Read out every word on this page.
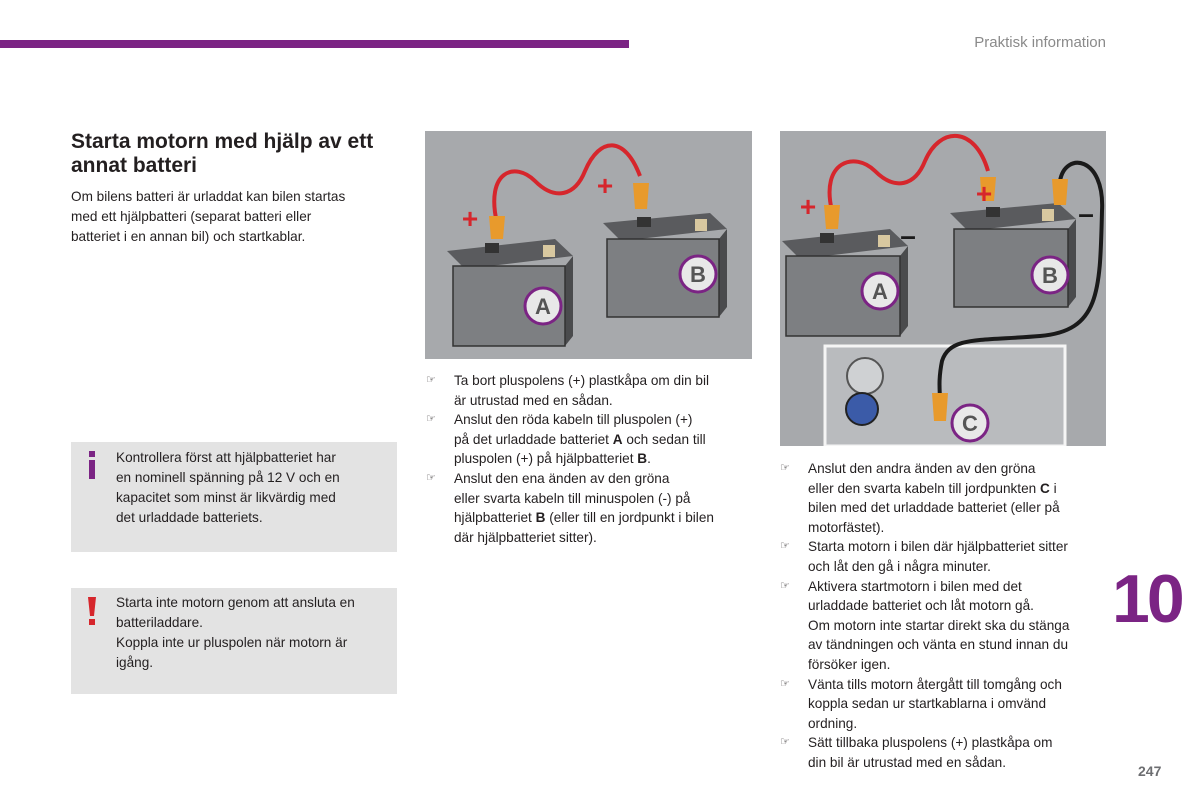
Praktisk information
Starta motorn med hjälp av ett annat batteri

Om bilens batteri är urladdat kan bilen startas
med ett hjälpbatteri (separat batteri eller
batteriet i en annan bil) och startkablar.

Kontrollera först att hjälpbatteriet har
en nominell spänning på 12 V och en
kapacitet som minst är likvärdig med
det urladdade batteriets.
Starta inte motorn genom att ansluta en
batteriladdare.
Koppla inte ur pluspolen när motorn är
igång.
A
B
+
+
A
B
C
+	+
–
–
☞	Ta bort pluspolens (+) plastkåpa om din bil
är utrustad med en sådan.
☞	Anslut den röda kabeln till pluspolen (+)
på det urladdade batteriet A och sedan till
pluspolen (+) på hjälpbatteriet B.
☞	Anslut den ena änden av den gröna
eller svarta kabeln till minuspolen (-) på
hjälpbatteriet B (eller till en jordpunkt i bilen
där hjälpbatteriet sitter).
☞	Anslut den andra änden av den gröna
eller den svarta kabeln till jordpunkten C i
bilen med det urladdade batteriet (eller på
motorfästet).
☞	Starta motorn i bilen där hjälpbatteriet sitter
och låt den gå i några minuter.
☞	Aktivera startmotorn i bilen med det
urladdade batteriet och låt motorn gå.
Om motorn inte startar direkt ska du stänga
av tändningen och vänta en stund innan du
försöker igen.
☞	Vänta tills motorn återgått till tomgång och
koppla sedan ur startkablarna i omvänd
ordning.
☞	Sätt tillbaka pluspolens (+) plastkåpa om
din bil är utrustad med en sådan.
10
247
